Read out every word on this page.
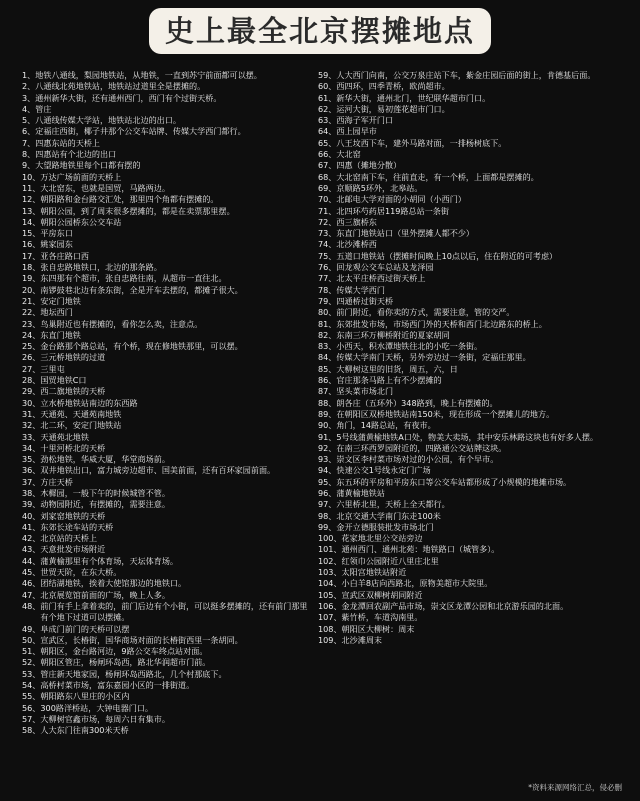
史上最全北京摆摊地点
1、 地铁八通线，梨园地铁站，从地铁，一直到苏宁前面都可以摆。
2、 八通线北苑地铁站，地铁站过道里全是摆摊的。
3、 通州新华大街，还有通州西门，西门有个过街天桥。
4、 管庄
5、 八通线传媒大学站，地铁站北边的出口。
6、 定福庄西街，椰子井那个公交车站牌、传媒大学西门都行。
7、 四惠东站的天桥上
8、 四惠站有个北边的出口
9、 大望路地铁里每个口都有摆的
10、 万达广场前面的天桥上
11、 大北窑东，也就是国贸，马路两边。
12、 朝阳路和金台路交汇处，那里四个角都有摆摊的。
13、 朝阳公园，到了周末很多摆摊的，都是在卖票那里摆。
14、 朝阳公园桥东公交车站
15、 平房东口
16、 姚家园东
17、 亚各庄路口西
18、 张自忠路地铁口，北边的那条路。
19、 东四那有个超市，张自忠路往南，从超市一直往北。
20、 南锣鼓巷北边有条东街，全是开车去摆的，都摊子很大。
21、 安定门地铁
22、 地坛西门
23、 鸟巢附近也有摆摊的，看你怎么卖，注意点。
24、 东直门地铁
25、 金台路那个路总站，有个桥，现在修地铁那里，可以摆。
26、 三元桥地铁的过道
27、 三里屯
28、 国贸地铁C口
29、 西二旗地铁的天桥
30、 立水桥地铁站南边的东西路
31、 天通苑、天通苑南地铁
32、 北二环，安定门地铁站
33、 天通苑北地铁
34、 十里河桥北的天桥
35、 劲松地铁，华威大厦，华堂商场前。
36、 双井地铁出口，富力城旁边超市、国美前面，还有百环家园前面。
37、 方庄天桥
38、 木樨园，一般下午的时候城管不管。
39、 动物园附近，有摆摊的，需要注意。
40、 刘家窑地铁的天桥
41、 东郊长途车站的天桥
42、 北京站的天桥上
43、 天意批发市场附近
44、 蒲黄榆那里有个体育场，天坛体育场。
45、 世贸天阶，在东大桥。
46、 团结湖地铁，挨着大使馆那边的地铁口。
47、 北京展览馆前面的广场，晚上人多。
48、 前门有手上拿着卖的，前门后边有个小街，可以挺多摆摊的，还有前门那里有个地下过道可以摆摊。
49、 阜成门前门的天桥可以摆
50、 宣武区，长椿街，国华商场对面的长椿街西里一条胡同。
51、 朝阳区，金台路河边，9路公交车终点站对面。
52、 朝阳区管庄，杨闸环岛西，路北华润超市门前。
53、 管庄新天地家园，杨闸环岛西路北，几个村那底下。
54、 高桥村菜市场，富东嘉园小区的一排街道。
55、 朝阳路东八里庄的小区内
56、 300路洋桥站，大钟电器门口。
57、 大柳树官鑫市场，每周六日有集市。
58、 人大东门往南300米天桥
59、 人大西门向南，公交万泉庄站下车，紫金庄园后面的街上，肯德基后面。
60、 西四环，四季青桥，欧尚超市。
61、 新华大街，通州北门，世纪联华超市门口。
62、 运河大街，易初莲花超市门口。
63、 西海子军开门口
64、 西上园早市
65、 八王坟西下车，建外马路对面，一排杨树底下。
66、 大北窑
67、 四惠（摊地分散）
68、 大北窑南下车，往前直走，有一个桥，上面都是摆摊的。
69、 京顺路5环外，北皋站。
70、 北邮电大学对面的小胡同（小西门）
71、 北四环芍药居119路总站一条街
72、 西三旗桥东
73、 东直门地铁站口（里外摆摊人都不少）
74、 北沙滩桥西
75、 五道口地铁站（摆摊时间晚上10点以后，住在附近的可考虑）
76、 回龙观公交车总站及龙泽园
77、 北太平庄桥西过街天桥上
78、 传媒大学西门
79、 四通桥过街天桥
80、 前门附近，看你卖的方式，需要注意，管的交严。
81、 东郊批发市场，市场西门外的天桥和西门北边路东的桥上。
82、 东南三环万柳桥附近的夏家胡同
83、 小西天，积水潭地铁往北的小吃一条街。
84、 传媒大学南门天桥，另外旁边过一条街，定福庄那里。
85、 大柳树这里的旧货，周五，六，日
86、 官庄那条马路上有不少摆摊的
87、 坚头菜市场北门
88、 朗各庄（五环外）348路到，晚上有摆摊的。
89、 在朝阳区双桥地铁站南150米，现在形成一个摆摊儿的地方。
90、 角门，14路总站，有夜市。
91、 5号线蒲黄榆地铁A口处，物美大卖场，其中安乐林路这块也有好多人摆。
92、 在南三环西罗园附近的，四路通公交站牌这块。
93、 崇文区李村菜市场对过的小公园，有个早市。
94、 快速公交1号线永定门广场
95、 东五环的平房和平房东口等公交车站都形成了小规模的地摊市场。
96、 蒲黄榆地铁站
97、 六里桥北里，天桥上全天都行。
98、 北京交通大学南门东走100米
99、 金开立德服装批发市场北门
100、 花家地北里公交站旁边
101、 通州西门、通州北苑：地铁路口（城管多）。
102、 红领巾公园附近八里庄北里
103、 太阳宫地铁站附近
104、 小白羊8店向西路北，原物美超市大院里。
105、 宣武区双柳树胡同附近
106、 金龙潭回农副产品市场，崇文区龙潭公园和北京游乐园的北面。
107、 紫竹桥，车道沟南里。
108、 朝阳区大柳树：周末
109、 北沙滩周末
*资料来源网络汇总，侵必删
